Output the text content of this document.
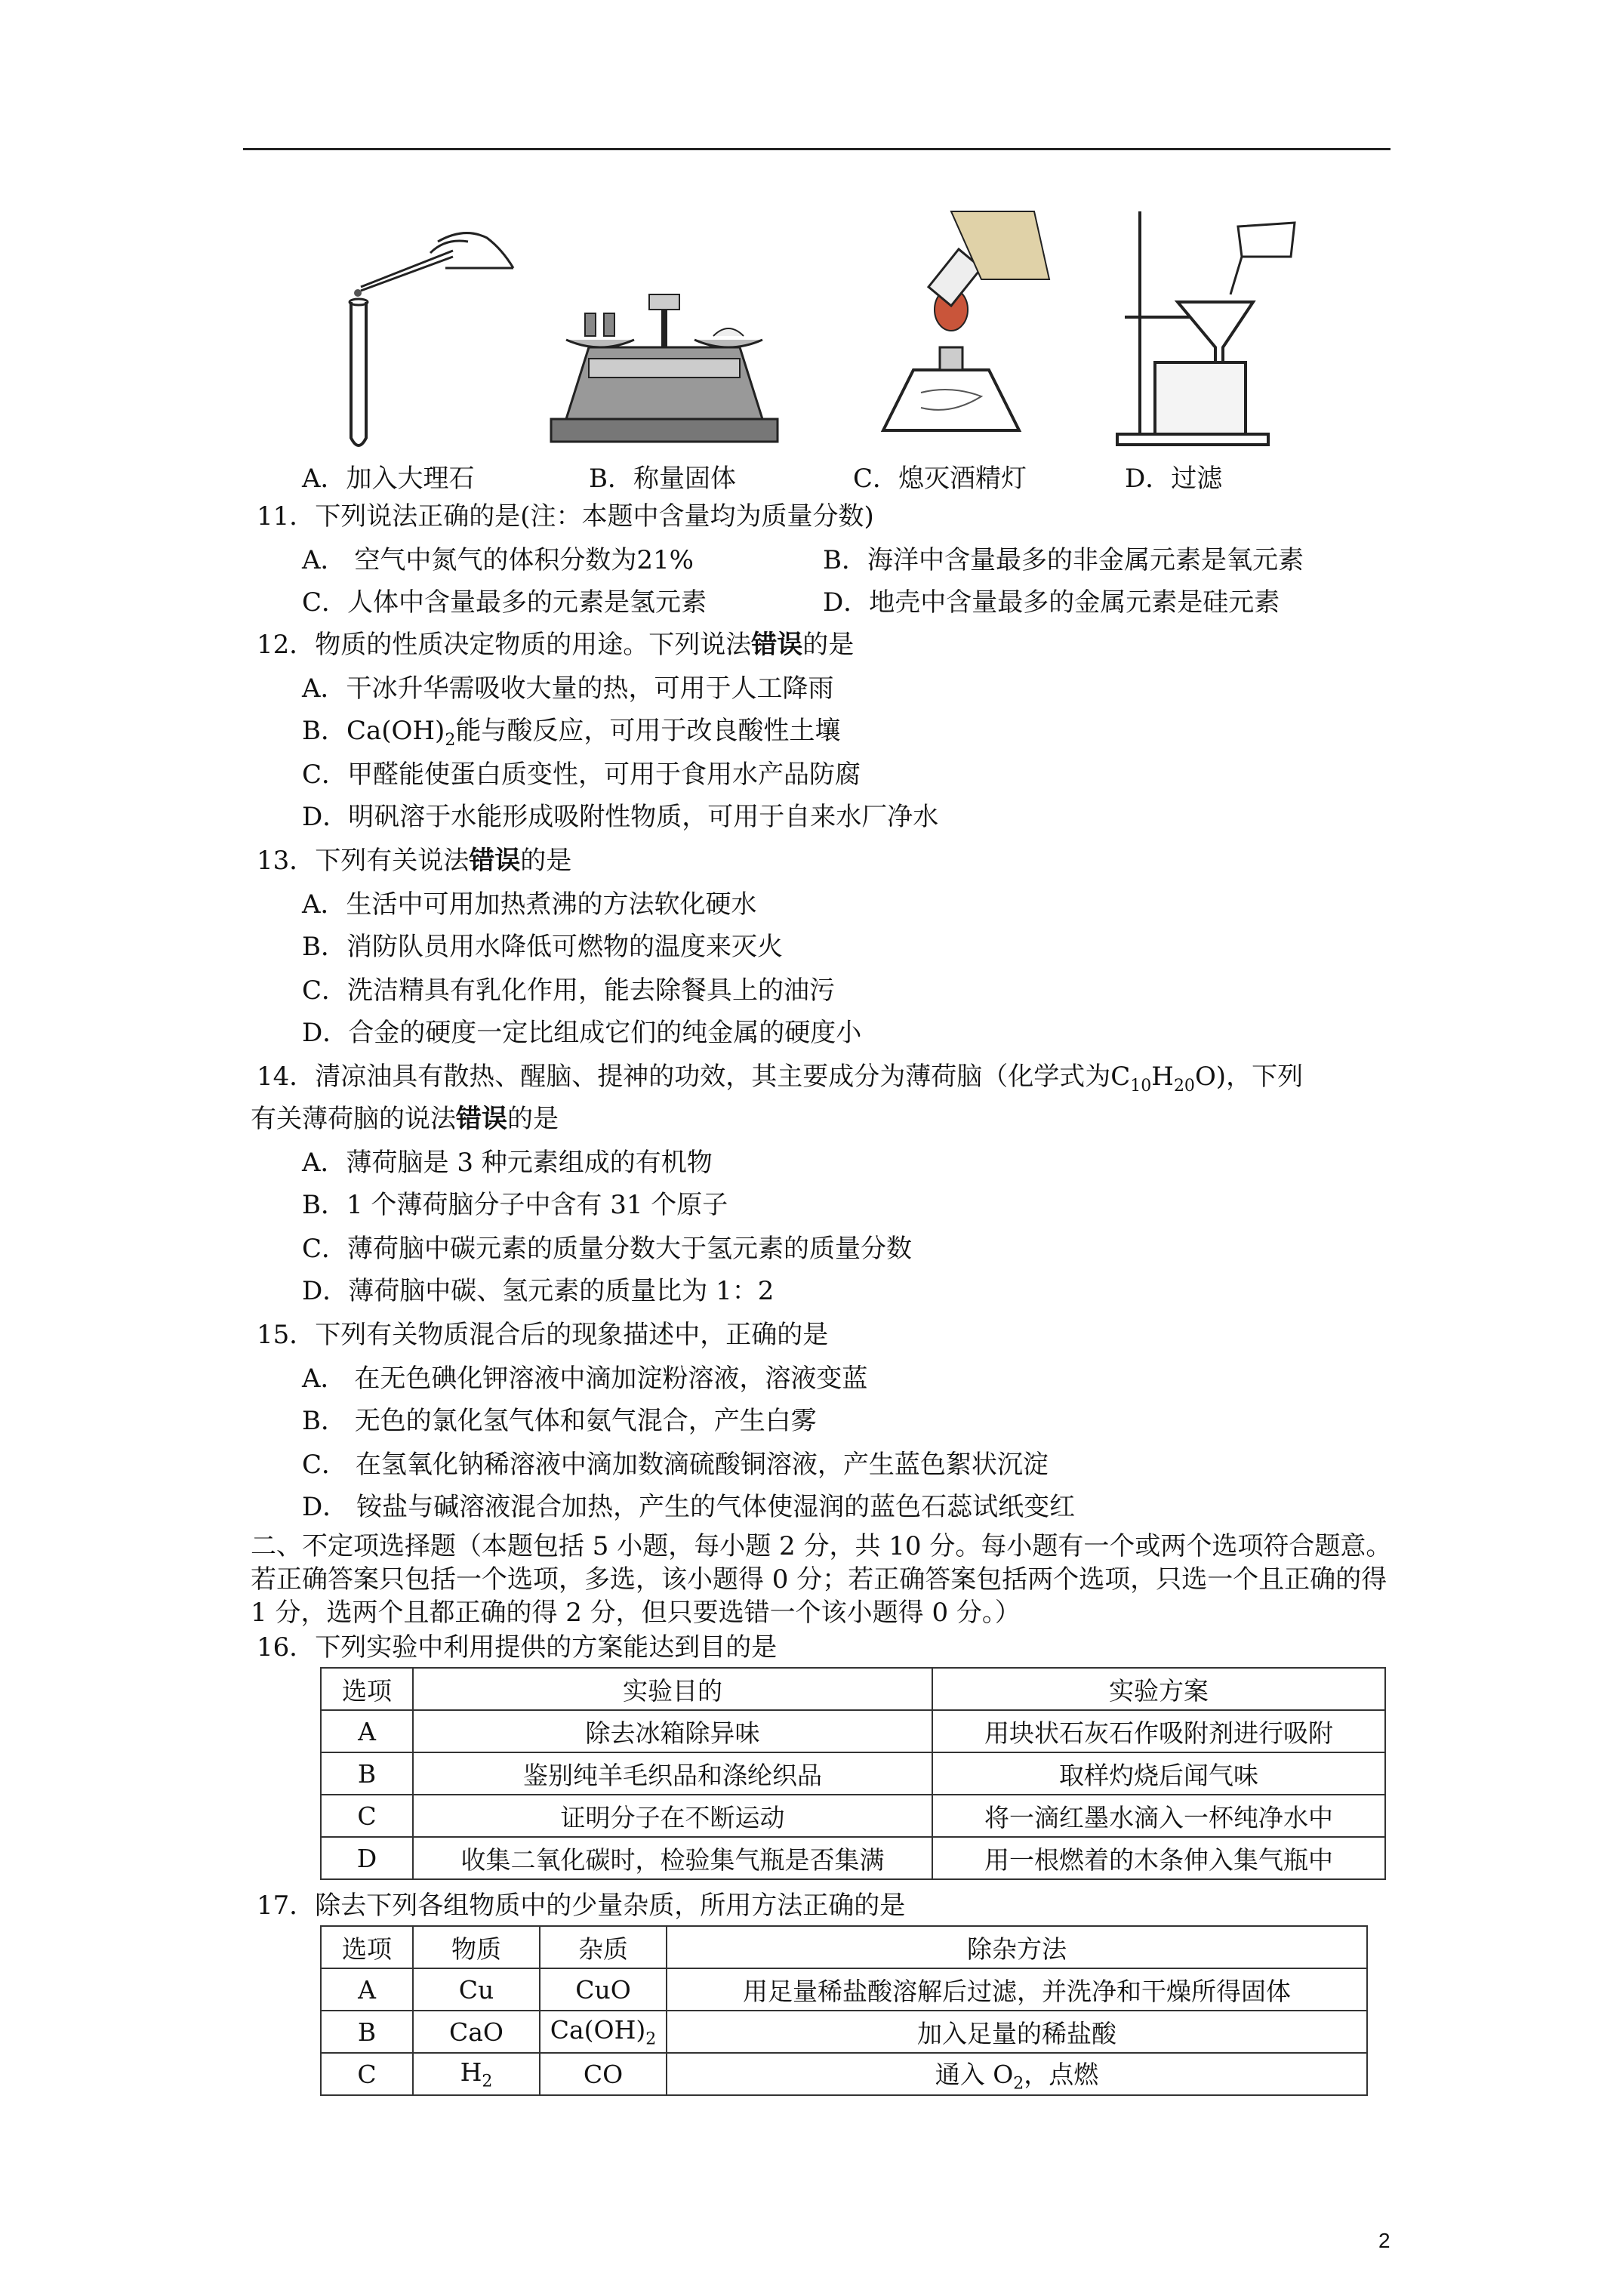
A．加入大理石	B．称量固体	C．熄灭酒精灯	D．过滤
11．下列说法正确的是(注：本题中含量均为质量分数)
A． 空气中氮气的体积分数为21%	B．海洋中含量最多的非金属元素是氧元素
C．人体中含量最多的元素是氢元素	D．地壳中含量最多的金属元素是硅元素
12．物质的性质决定物质的用途。下列说法错误的是
A．干冰升华需吸收大量的热，可用于人工降雨
B．$Ca(OH)_2$能与酸反应，可用于改良酸性土壤
C．甲醛能使蛋白质变性，可用于食用水产品防腐
D．明矾溶于水能形成吸附性物质，可用于自来水厂净水
13．下列有关说法错误的是
A．生活中可用加热煮沸的方法软化硬水
B．消防队员用水降低可燃物的温度来灭火
C．洗洁精具有乳化作用，能去除餐具上的油污
D．合金的硬度一定比组成它们的纯金属的硬度小
14．清凉油具有散热、醒脑、提神的功效，其主要成分为薄荷脑（化学式为$C_{10}H_{20}O$)，下列
有关薄荷脑的说法错误的是
A．薄荷脑是 3 种元素组成的有机物
B．1 个薄荷脑分子中含有 31 个原子
C．薄荷脑中碳元素的质量分数大于氢元素的质量分数
D．薄荷脑中碳、氢元素的质量比为 1：2
15．下列有关物质混合后的现象描述中，正确的是
A． 在无色碘化钾溶液中滴加淀粉溶液，溶液变蓝
B． 无色的氯化氢气体和氨气混合，产生白雾
C． 在氢氧化钠稀溶液中滴加数滴硫酸铜溶液，产生蓝色絮状沉淀
D． 铵盐与碱溶液混合加热，产生的气体使湿润的蓝色石蕊试纸变红
二、不定项选择题（本题包括 5 小题，每小题 2 分，共 10 分。每小题有一个或两个选项符合题意。若正确答案只包括一个选项，多选，该小题得 0 分；若正确答案包括两个选项，只选一个且正确的得 1 分，选两个且都正确的得 2 分，但只要选错一个该小题得 0 分。）
16．下列实验中利用提供的方案能达到目的是
选项	实验目的	实验方案
A	除去冰箱除异味	用块状石灰石作吸附剂进行吸附
B	鉴别纯羊毛织品和涤纶织品	取样灼烧后闻气味
C	证明分子在不断运动	将一滴红墨水滴入一杯纯净水中
D	收集二氧化碳时，检验集气瓶是否集满	用一根燃着的木条伸入集气瓶中
17．除去下列各组物质中的少量杂质，所用方法正确的是
选项	物质	杂质	除杂方法
A	Cu	CuO	用足量稀盐酸溶解后过滤，并洗净和干燥所得固体
B	CaO	$Ca(OH)_2$	加入足量的稀盐酸
C	$H_2$	CO	通入 $O_2$，点燃
2
